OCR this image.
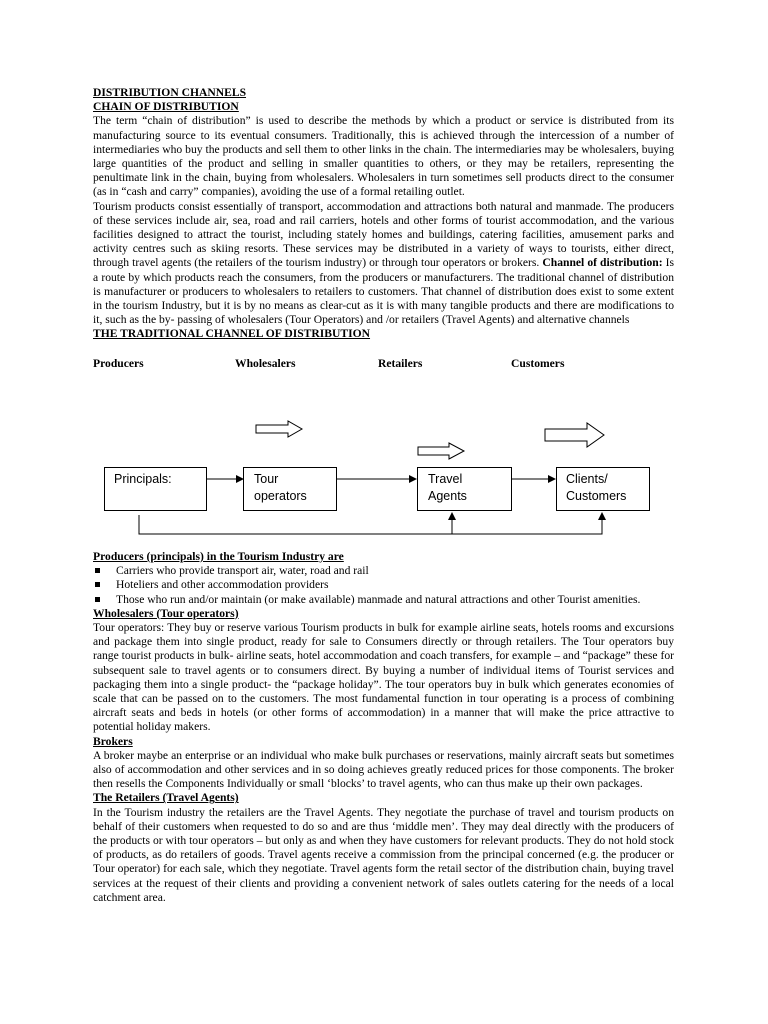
DISTRIBUTION CHANNELS

CHAIN OF DISTRIBUTION

The term “chain of distribution” is used to describe the methods by which a product or service is distributed from its manufacturing source to its eventual consumers. Traditionally, this is achieved through the intercession of a number of intermediaries who buy the products and sell them to other links in the chain. The intermediaries may be wholesalers, buying large quantities of the product and selling in smaller quantities to others, or they may be retailers, representing the penultimate link in the chain, buying from wholesalers. Wholesalers in turn sometimes sell products direct to the consumer (as in “cash and carry” companies), avoiding the use of a formal retailing outlet.

Tourism products consist essentially of transport, accommodation and attractions both natural and manmade. The producers of these services include air, sea, road and rail carriers, hotels and other forms of tourist accommodation, and the various facilities designed to attract the tourist, including stately homes and buildings, catering facilities, amusement parks and activity centres such as skiing resorts. These services may be distributed in a variety of ways to tourists, either direct, through travel agents (the retailers of the tourism industry) or through tour operators or brokers. Channel of distribution: Is a route by which products reach the consumers, from the producers or manufacturers. The traditional channel of distribution is manufacturer or producers to wholesalers to retailers to customers. That channel of distribution does exist to some extent in the tourism Industry, but it is by no means as clear-cut as it is with many tangible products and there are modifications to it, such as the by- passing of wholesalers (Tour Operators) and /or retailers (Travel Agents) and alternative channels

THE TRADITIONAL CHANNEL OF DISTRIBUTION

Producers	Wholesalers	Retailers	Customers
Principals:	Tour
operators
Travel
Agents
Clients/
Customers

Producers (principals) in the Tourism Industry are

Carriers who provide transport air, water, road and rail
Hoteliers and other accommodation providers
Those who run and/or maintain (or make available) manmade and natural attractions and other Tourist amenities.

Wholesalers (Tour operators)

Tour operators: They buy or reserve various Tourism products in bulk for example airline seats, hotels rooms and excursions and package them into single product, ready for sale to Consumers directly or through retailers. The Tour operators buy range tourist products in bulk- airline seats, hotel accommodation and coach transfers, for example – and “package” these for subsequent sale to travel agents or to consumers direct. By buying a number of individual items of Tourist services and packaging them into a single product- the “package holiday”. The tour operators buy in bulk which generates economies of scale that can be passed on to the customers. The most fundamental function in tour operating is a process of combining aircraft seats and beds in hotels (or other forms of accommodation) in a manner that will make the price attractive to potential holiday makers.

Brokers

A broker maybe an enterprise or an individual who make bulk purchases or reservations, mainly aircraft seats but sometimes also of accommodation and other services and in so doing achieves greatly reduced prices for those components. The broker then resells the Components Individually or small ‘blocks’ to travel agents, who can thus make up their own packages.

The Retailers (Travel Agents)

In the Tourism industry the retailers are the Travel Agents. They negotiate the purchase of travel and tourism products on behalf of their customers when requested to do so and are thus ‘middle men’. They may deal directly with the producers of the products or with tour operators – but only as and when they have customers for relevant products. They do not hold stock of products, as do retailers of goods. Travel agents receive a commission from the principal concerned (e.g. the producer or Tour operator) for each sale, which they negotiate. Travel agents form the retail sector of the distribution chain, buying travel services at the request of their clients and providing a convenient network of sales outlets catering for the needs of a local catchment area.
